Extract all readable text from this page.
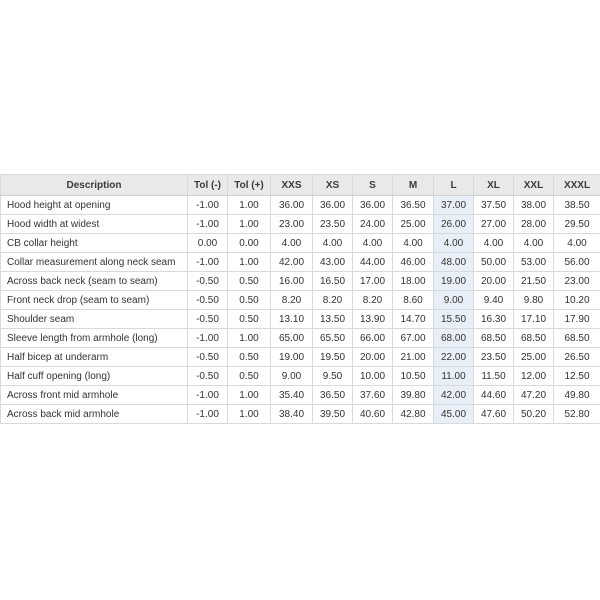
Description	Tol (-)	Tol (+)	XXS	XS	S	M	L	XL	XXL	XXXL
Hood height at opening	-1.00	1.00	36.00	36.00	36.00	36.50	37.00	37.50	38.00	38.50
Hood width at widest	-1.00	1.00	23.00	23.50	24.00	25.00	26.00	27.00	28.00	29.50
CB collar height	0.00	0.00	4.00	4.00	4.00	4.00	4.00	4.00	4.00	4.00
Collar measurement along neck seam	-1.00	1.00	42.00	43.00	44.00	46.00	48.00	50.00	53.00	56.00
Across back neck (seam to seam)	-0.50	0.50	16.00	16.50	17.00	18.00	19.00	20.00	21.50	23.00
Front neck drop (seam to seam)	-0.50	0.50	8.20	8.20	8.20	8.60	9.00	9.40	9.80	10.20
Shoulder seam	-0.50	0.50	13.10	13.50	13.90	14.70	15.50	16.30	17.10	17.90
Sleeve length from armhole (long)	-1.00	1.00	65.00	65.50	66.00	67.00	68.00	68.50	68.50	68.50
Half bicep at underarm	-0.50	0.50	19.00	19.50	20.00	21.00	22.00	23.50	25.00	26.50
Half cuff opening (long)	-0.50	0.50	9.00	9.50	10.00	10.50	11.00	11.50	12.00	12.50
Across front mid armhole	-1.00	1.00	35.40	36.50	37.60	39.80	42.00	44.60	47.20	49.80
Across back mid armhole	-1.00	1.00	38.40	39.50	40.60	42.80	45.00	47.60	50.20	52.80
